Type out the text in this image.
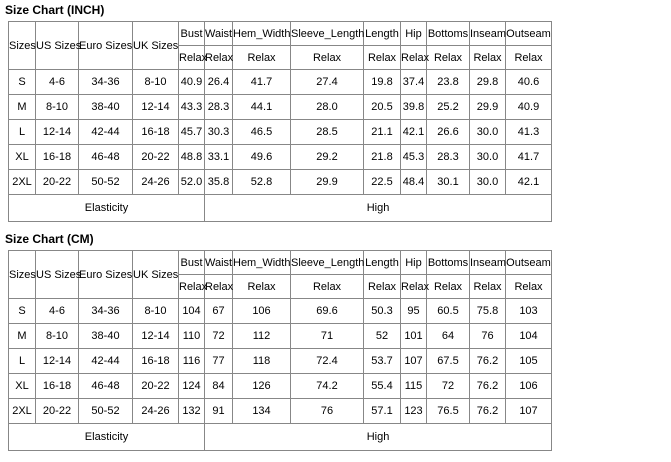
Size Chart (INCH)
Sizes	US Sizes	Euro Sizes	UK Sizes	Bust	Waist	Hem_Width	Sleeve_Length	Length	Hip	Bottoms	Inseam	Outseam
				Relax	Relax	Relax	Relax	Relax	Relax	Relax	Relax	Relax
S	4-6	34-36	8-10	40.9	26.4	41.7	27.4	19.8	37.4	23.8	29.8	40.6
M	8-10	38-40	12-14	43.3	28.3	44.1	28.0	20.5	39.8	25.2	29.9	40.9
L	12-14	42-44	16-18	45.7	30.3	46.5	28.5	21.1	42.1	26.6	30.0	41.3
XL	16-18	46-48	20-22	48.8	33.1	49.6	29.2	21.8	45.3	28.3	30.0	41.7
2XL	20-22	50-52	24-26	52.0	35.8	52.8	29.9	22.5	48.4	30.1	30.0	42.1
Elasticity					High							
Size Chart (CM)
Sizes	US Sizes	Euro Sizes	UK Sizes	Bust	Waist	Hem_Width	Sleeve_Length	Length	Hip	Bottoms	Inseam	Outseam
				Relax	Relax	Relax	Relax	Relax	Relax	Relax	Relax	Relax
S	4-6	34-36	8-10	104	67	106	69.6	50.3	95	60.5	75.8	103
M	8-10	38-40	12-14	110	72	112	71	52	101	64	76	104
L	12-14	42-44	16-18	116	77	118	72.4	53.7	107	67.5	76.2	105
XL	16-18	46-48	20-22	124	84	126	74.2	55.4	115	72	76.2	106
2XL	20-22	50-52	24-26	132	91	134	76	57.1	123	76.5	76.2	107
Elasticity					High							
